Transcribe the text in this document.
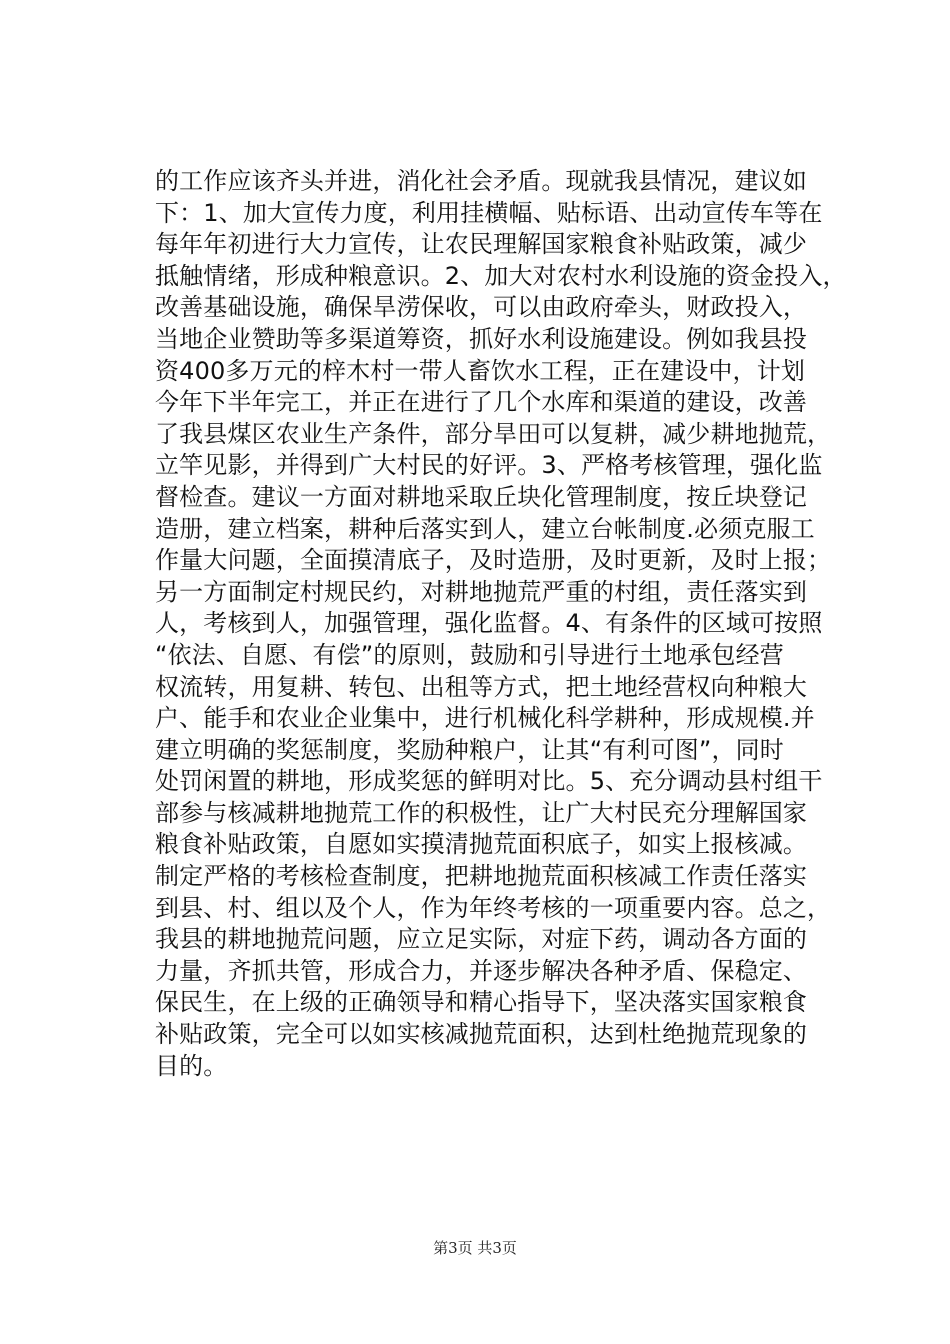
的工作应该齐头并进，消化社会矛盾。现就我县情况，建议如
下：1、加大宣传力度，利用挂横幅、贴标语、出动宣传车等在
每年年初进行大力宣传，让农民理解国家粮食补贴政策，减少
抵触情绪，形成种粮意识。2、加大对农村水利设施的资金投入，
改善基础设施，确保旱涝保收，可以由政府牵头，财政投入，
当地企业赞助等多渠道筹资，抓好水利设施建设。例如我县投
资400多万元的梓木村一带人畜饮水工程，正在建设中，计划
今年下半年完工，并正在进行了几个水库和渠道的建设，改善
了我县煤区农业生产条件，部分旱田可以复耕，减少耕地抛荒，
立竿见影，并得到广大村民的好评。3、严格考核管理，强化监
督检查。建议一方面对耕地采取丘块化管理制度，按丘块登记
造册，建立档案，耕种后落实到人，建立台帐制度.必须克服工
作量大问题，全面摸清底子，及时造册，及时更新，及时上报；
另一方面制定村规民约，对耕地抛荒严重的村组，责任落实到
人，考核到人，加强管理，强化监督。4、有条件的区域可按照
“依法、自愿、有偿”的原则，鼓励和引导进行土地承包经营
权流转，用复耕、转包、出租等方式，把土地经营权向种粮大
户、能手和农业企业集中，进行机械化科学耕种，形成规模.并
建立明确的奖惩制度，奖励种粮户，让其“有利可图”，同时
处罚闲置的耕地，形成奖惩的鲜明对比。5、充分调动县村组干
部参与核减耕地抛荒工作的积极性，让广大村民充分理解国家
粮食补贴政策，自愿如实摸清抛荒面积底子，如实上报核减。
制定严格的考核检查制度，把耕地抛荒面积核减工作责任落实
到县、村、组以及个人，作为年终考核的一项重要内容。总之，
我县的耕地抛荒问题，应立足实际，对症下药，调动各方面的
力量，齐抓共管，形成合力，并逐步解决各种矛盾、保稳定、
保民生，在上级的正确领导和精心指导下，坚决落实国家粮食
补贴政策，完全可以如实核减抛荒面积，达到杜绝抛荒现象的
目的。
第3页 共3页
